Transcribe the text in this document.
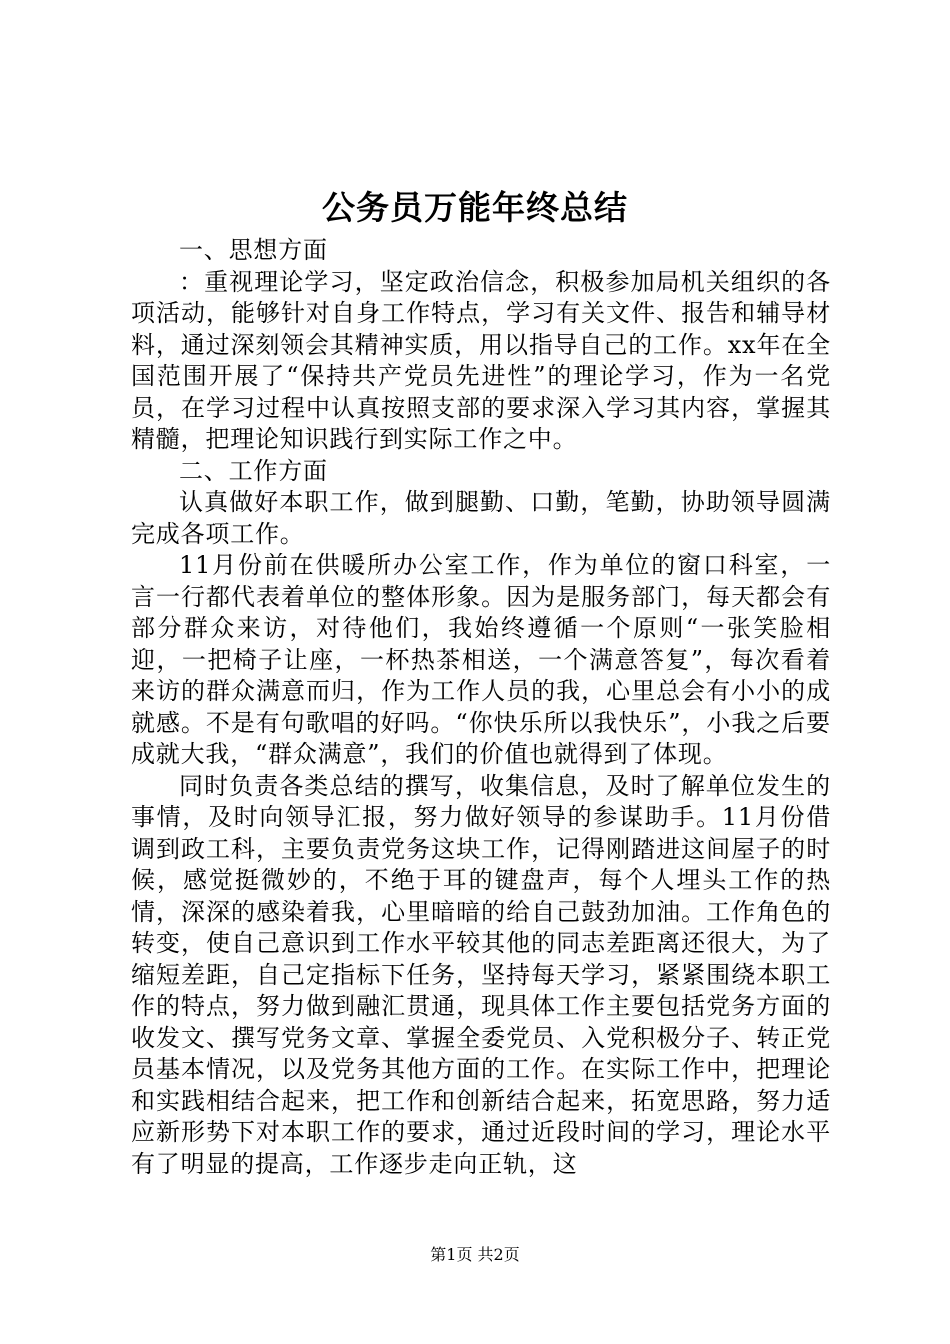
公务员万能年终总结

一、思想方面

：重视理论学习，坚定政治信念，积极参加局机关组织的各项活动，能够针对自身工作特点，学习有关文件、报告和辅导材料，通过深刻领会其精神实质，用以指导自己的工作。xx年在全国范围开展了“保持共产党员先进性”的理论学习，作为一名党员，在学习过程中认真按照支部的要求深入学习其内容，掌握其精髓，把理论知识践行到实际工作之中。

二、工作方面

认真做好本职工作，做到腿勤、口勤，笔勤，协助领导圆满完成各项工作。

11月份前在供暖所办公室工作，作为单位的窗口科室，一言一行都代表着单位的整体形象。因为是服务部门，每天都会有部分群众来访，对待他们，我始终遵循一个原则“一张笑脸相迎，一把椅子让座，一杯热茶相送，一个满意答复”，每次看着来访的群众满意而归，作为工作人员的我，心里总会有小小的成就感。不是有句歌唱的好吗。“你快乐所以我快乐”，小我之后要成就大我，“群众满意”，我们的价值也就得到了体现。

同时负责各类总结的撰写，收集信息，及时了解单位发生的事情，及时向领导汇报，努力做好领导的参谋助手。11月份借调到政工科，主要负责党务这块工作，记得刚踏进这间屋子的时候，感觉挺微妙的，不绝于耳的键盘声，每个人埋头工作的热情，深深的感染着我，心里暗暗的给自己鼓劲加油。工作角色的转变，使自己意识到工作水平较其他的同志差距离还很大，为了缩短差距，自己定指标下任务，坚持每天学习，紧紧围绕本职工作的特点，努力做到融汇贯通，现具体工作主要包括党务方面的收发文、撰写党务文章、掌握全委党员、入党积极分子、转正党员基本情况，以及党务其他方面的工作。在实际工作中，把理论和实践相结合起来，把工作和创新结合起来，拓宽思路，努力适应新形势下对本职工作的要求，通过近段时间的学习，理论水平有了明显的提高，工作逐步走向正轨，这

第1页 共2页
